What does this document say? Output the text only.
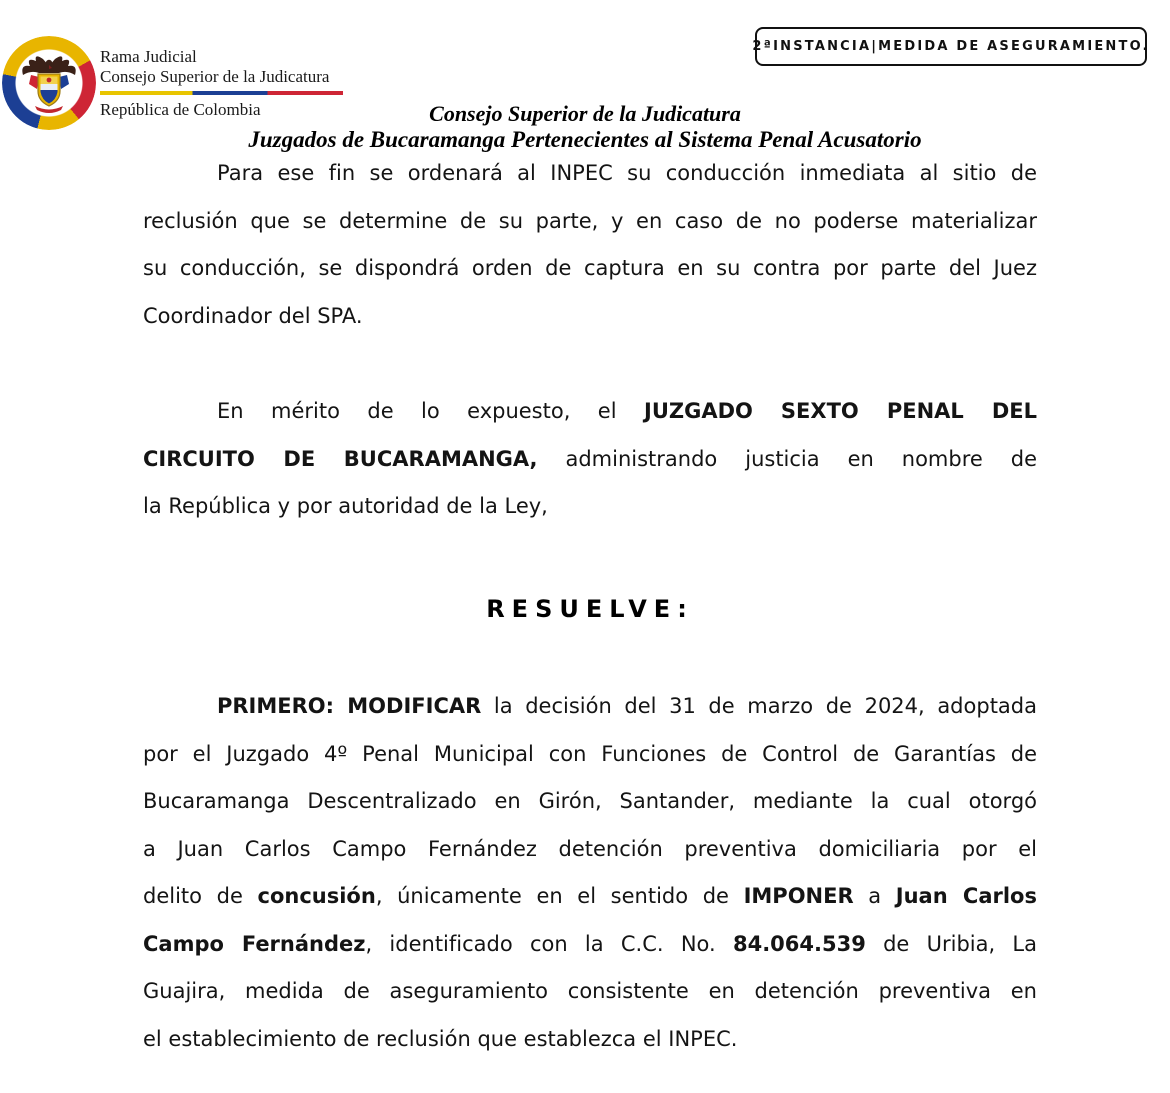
2ªINSTANCIA|MEDIDA DE ASEGURAMIENTO.
Rama Judicial
Consejo Superior de la Judicatura
República de Colombia	Consejo Superior de la Judicatura
Juzgados de Bucaramanga Pertenecientes al Sistema Penal Acusatorio
Para ese fin se ordenará al INPEC su conducción inmediata al sitio de
reclusión que se determine de su parte, y en caso de no poderse materializar
su conducción, se dispondrá orden de captura en su contra por parte del Juez
Coordinador del SPA.
En mérito de lo expuesto, el JUZGADO SEXTO PENAL DEL
CIRCUITO DE BUCARAMANGA, administrando justicia en nombre de
la República y por autoridad de la Ley,
RESUELVE:
PRIMERO: MODIFICAR la decisión del 31 de marzo de 2024, adoptada
por el Juzgado 4º Penal Municipal con Funciones de Control de Garantías de
Bucaramanga Descentralizado en Girón, Santander, mediante la cual otorgó
a Juan Carlos Campo Fernández detención preventiva domiciliaria por el
delito de concusión, únicamente en el sentido de IMPONER a Juan Carlos
Campo Fernández, identificado con la C.C. No. 84.064.539 de Uribia, La
Guajira, medida de aseguramiento consistente en detención preventiva en
el establecimiento de reclusión que establezca el INPEC.
